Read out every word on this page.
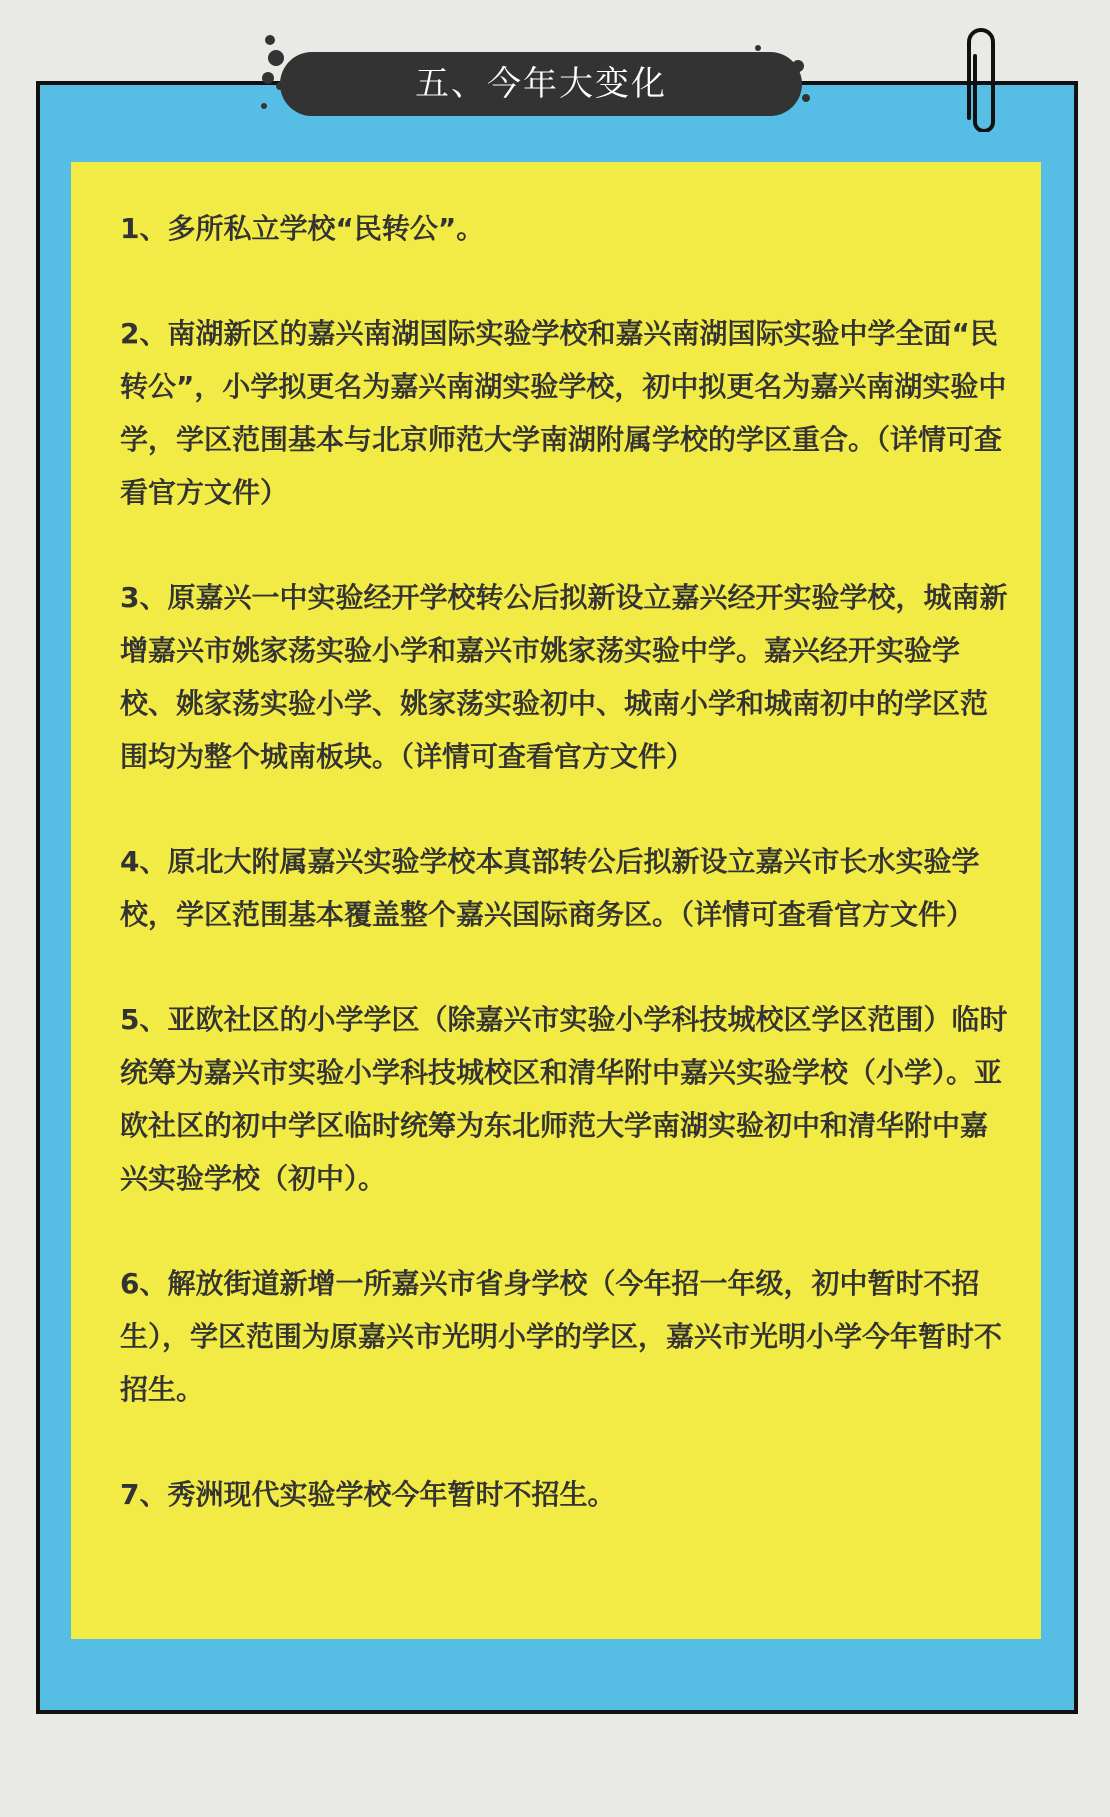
五、今年大变化
1、多所私立学校“民转公”。
2、南湖新区的嘉兴南湖国际实验学校和嘉兴南湖国际实验中学全面“民转公”，小学拟更名为嘉兴南湖实验学校，初中拟更名为嘉兴南湖实验中学，学区范围基本与北京师范大学南湖附属学校的学区重合。（详情可查看官方文件）
3、原嘉兴一中实验经开学校转公后拟新设立嘉兴经开实验学校，城南新增嘉兴市姚家荡实验小学和嘉兴市姚家荡实验中学。嘉兴经开实验学校、姚家荡实验小学、姚家荡实验初中、城南小学和城南初中的学区范围均为整个城南板块。（详情可查看官方文件）
4、原北大附属嘉兴实验学校本真部转公后拟新设立嘉兴市长水实验学校，学区范围基本覆盖整个嘉兴国际商务区。（详情可查看官方文件）
5、亚欧社区的小学学区（除嘉兴市实验小学科技城校区学区范围）临时统筹为嘉兴市实验小学科技城校区和清华附中嘉兴实验学校（小学）。亚欧社区的初中学区临时统筹为东北师范大学南湖实验初中和清华附中嘉兴实验学校（初中）。
6、解放街道新增一所嘉兴市省身学校（今年招一年级，初中暂时不招生），学区范围为原嘉兴市光明小学的学区，嘉兴市光明小学今年暂时不招生。
7、秀洲现代实验学校今年暂时不招生。
